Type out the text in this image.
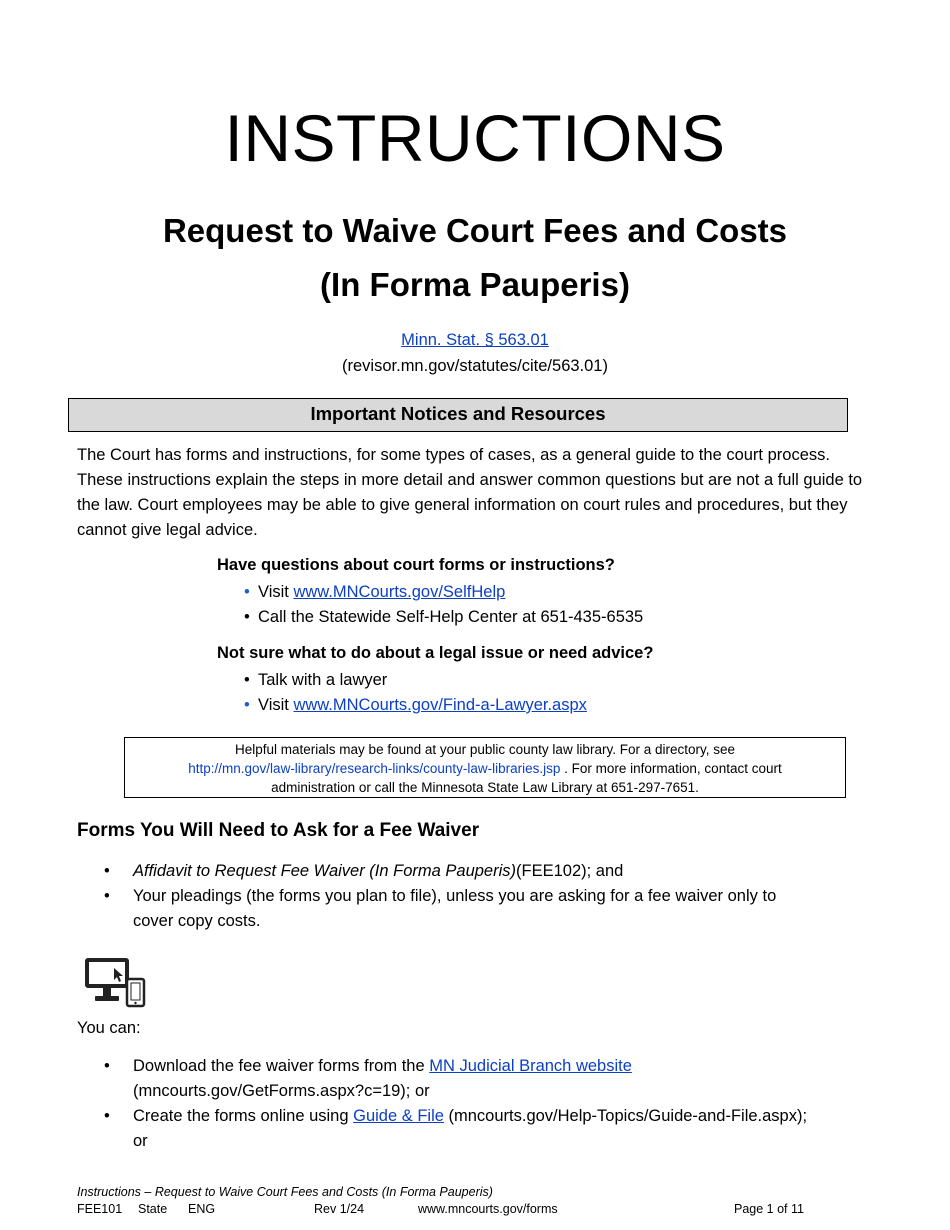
INSTRUCTIONS
Request to Waive Court Fees and Costs
(In Forma Pauperis)
Minn. Stat. § 563.01
(revisor.mn.gov/statutes/cite/563.01)
Important Notices and Resources
The Court has forms and instructions, for some types of cases, as a general guide to the court process. These instructions explain the steps in more detail and answer common questions but are not a full guide to the law. Court employees may be able to give general information on court rules and procedures, but they cannot give legal advice.
Have questions about court forms or instructions?
• Visit www.MNCourts.gov/SelfHelp
• Call the Statewide Self-Help Center at 651-435-6535
Not sure what to do about a legal issue or need advice?
• Talk with a lawyer
• Visit www.MNCourts.gov/Find-a-Lawyer.aspx
Helpful materials may be found at your public county law library. For a directory, see
http://mn.gov/law-library/research-links/county-law-libraries.jsp . For more information, contact court
administration or call the Minnesota State Law Library at 651-297-7651.
Forms You Will Need to Ask for a Fee Waiver
• Affidavit to Request Fee Waiver (In Forma Pauperis)(FEE102); and
• Your pleadings (the forms you plan to file), unless you are asking for a fee waiver only to
cover copy costs.
You can:
• Download the fee waiver forms from the MN Judicial Branch website
(mncourts.gov/GetForms.aspx?c=19); or
• Create the forms online using Guide & File (mncourts.gov/Help-Topics/Guide-and-File.aspx);
or
Instructions – Request to Waive Court Fees and Costs (In Forma Pauperis)
FEE101 State ENG	Rev 1/24	www.mncourts.gov/forms	Page 1 of 11
